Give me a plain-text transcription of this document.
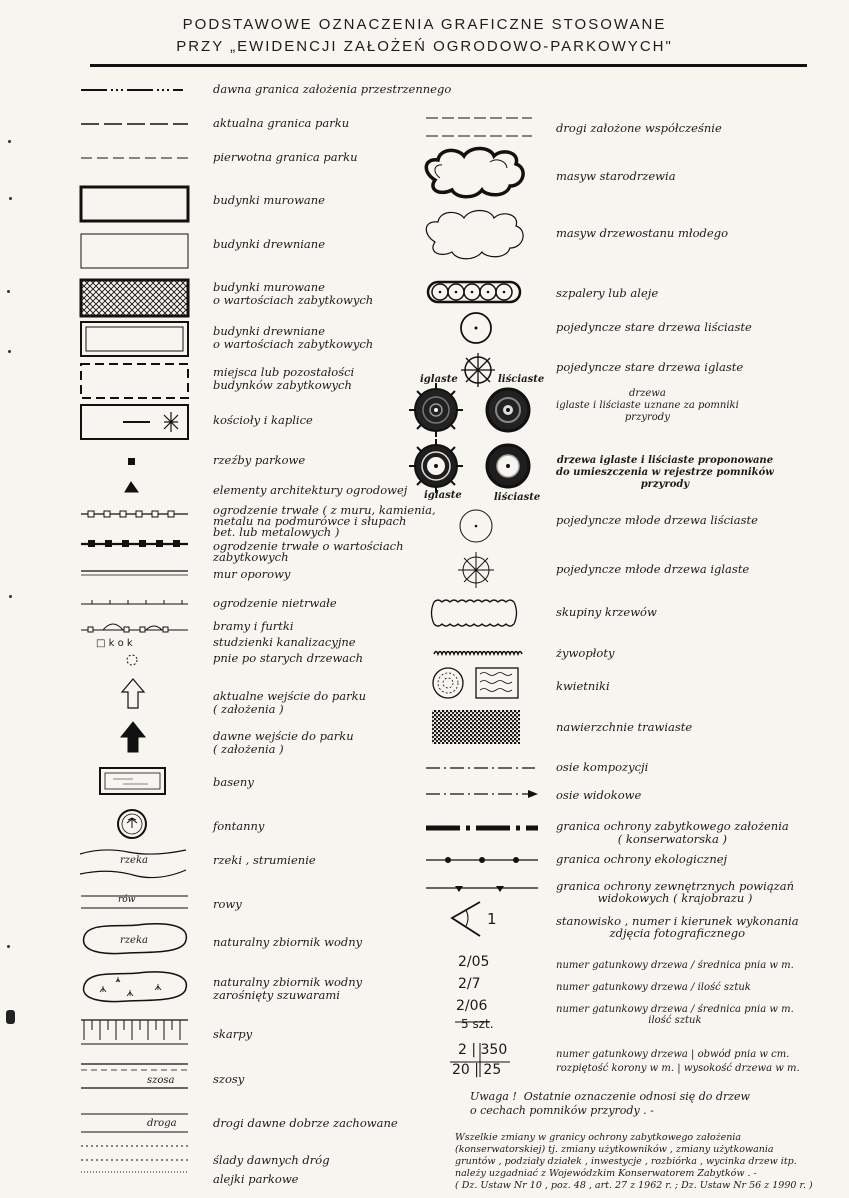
PODSTAWOWE OZNACZENIA GRAFICZNE STOSOWANE
PRZY „EWIDENCJI ZAŁOŻEŃ OGRODOWO-PARKOWYCH"
□ k o k
rzeka
rów
rzeka
szosa
droga
dawna granica założenia przestrzennego
aktualna granica parku
pierwotna granica parku
budynki murowane
budynki drewniane
budynki murowane
o wartościach zabytkowych
budynki drewniane
o wartościach zabytkowych
miejsca lub pozostałości
budynków zabytkowych
kościoły i kaplice
rzeźby parkowe
elementy architektury ogrodowej
ogrodzenie trwałe ( z muru, kamienia,
metalu na podmurówce i słupach
bet. lub metalowych )
ogrodzenie trwałe o wartościach
zabytkowych
mur oporowy
ogrodzenie nietrwałe
bramy i furtki
studzienki kanalizacyjne
pnie po starych drzewach
aktualne wejście do parku
( założenia )
dawne wejście do parku
( założenia )
baseny
fontanny
rzeki , strumienie
rowy
naturalny zbiornik wodny
naturalny zbiornik wodny
zarośnięty szuwarami
skarpy
szosy
drogi dawne dobrze zachowane
ślady dawnych dróg
alejki parkowe
iglaste	liściaste
iglaste	liściaste
1
2/05
2/7
2/06
5 szt.
2 | 350
20 | 25
drogi założone współcześnie
masyw starodrzewia
masyw drzewostanu młodego
szpalery lub aleje
pojedyncze stare drzewa liściaste
pojedyncze stare drzewa iglaste
drzewa
iglaste i liściaste uznane za pomniki
przyrody
drzewa iglaste i liściaste proponowane
do umieszczenia w rejestrze pomników
przyrody
pojedyncze młode drzewa liściaste
pojedyncze młode drzewa iglaste
skupiny krzewów
żywopłoty
kwietniki
nawierzchnie trawiaste
osie kompozycji
osie widokowe
granica ochrony zabytkowego założenia
( konserwatorska )
granica ochrony ekologicznej
granica ochrony zewnętrznych powiązań
widokowych ( krajobrazu )
stanowisko , numer i kierunek wykonania
zdjęcia fotograficznego
numer gatunkowy drzewa / średnica pnia w m.
numer gatunkowy drzewa / ilość sztuk
numer gatunkowy drzewa / średnica pnia w m.
ilość sztuk
numer gatunkowy drzewa | obwód pnia w cm.
rozpiętość korony w m. | wysokość drzewa w m.
Uwaga !  Ostatnie oznaczenie odnosi się do drzew
o cechach pomników przyrody . -
Wszelkie zmiany w granicy ochrony zabytkowego założenia
(konserwatorskiej) tj. zmiany użytkowników , zmiany użytkowania
gruntów , podziały działek , inwestycje , rozbiórka , wycinka drzew itp.
należy uzgadniać z Wojewódzkim Konserwatorem Zabytków . -
( Dz. Ustaw Nr 10 , poz. 48 , art. 27 z 1962 r. ; Dz. Ustaw Nr 56 z 1990 r. )
